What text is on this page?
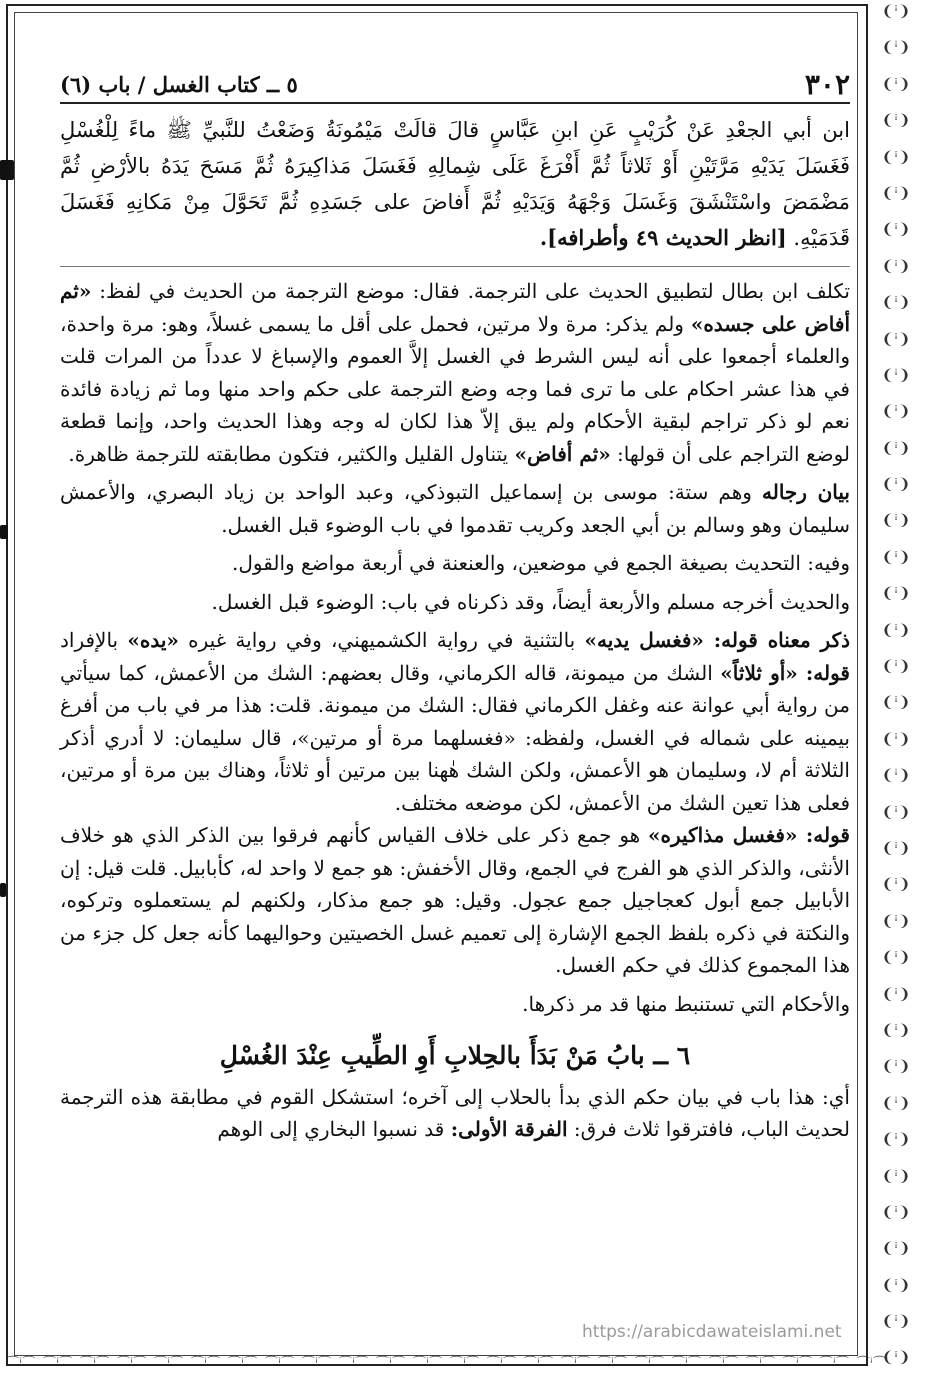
❨ꜞ❩
❨ꜞ❩
❨ꜞ❩
❨ꜞ❩
❨ꜞ❩
❨ꜞ❩
❨ꜞ❩
❨ꜞ❩
❨ꜞ❩
❨ꜞ❩
❨ꜞ❩
❨ꜞ❩
❨ꜞ❩
❨ꜞ❩
❨ꜞ❩
❨ꜞ❩
❨ꜞ❩
❨ꜞ❩
❨ꜞ❩
❨ꜞ❩
❨ꜞ❩
❨ꜞ❩
❨ꜞ❩
❨ꜞ❩
❨ꜞ❩
❨ꜞ❩
❨ꜞ❩
❨ꜞ❩
❨ꜞ❩
❨ꜞ❩
❨ꜞ❩
❨ꜞ❩
❨ꜞ❩
❨ꜞ❩
❨ꜞ❩
❨ꜞ❩
❨ꜞ❩
❨ꜞ❩
⌒ꜞ⌒ ⌒ꜞ⌒ ⌒ꜞ⌒ ⌒ꜞ⌒ ⌒ꜞ⌒ ⌒ꜞ⌒ ⌒ꜞ⌒ ⌒ꜞ⌒ ⌒ꜞ⌒ ⌒ꜞ⌒ ⌒ꜞ⌒ ⌒ꜞ⌒ ⌒ꜞ⌒ ⌒ꜞ⌒ ⌒ꜞ⌒ ⌒ꜞ⌒ ⌒ꜞ⌒ ⌒ꜞ⌒ ⌒ꜞ⌒ ⌒ꜞ⌒ ⌒ꜞ⌒ ⌒ꜞ⌒ ⌒ꜞ⌒ ⌒ꜞ⌒
٣٠٢
٥ ــ كتاب الغسل / باب (٦)

ابن أبي الجعْدِ عَنْ كُرَيْبٍ عَنِ ابنِ عَبَّاسٍ قالَ قالَتْ مَيْمُونَةُ وَضَعْتُ للنَّبيِّ ﷺ ماءً لِلْغُسْلِ فَغَسَلَ يَدَيْهِ مَرَّتَيْنِ أَوْ ثَلاثاً ثُمَّ أَفْرَغَ عَلَى شِمالِهِ فَغَسَلَ مَذاكِيرَهُ ثُمَّ مَسَحَ يَدَهُ بالأرْضِ ثُمَّ مَضْمَضَ واسْتَنْشَقَ وَغَسَلَ وَجْهَهُ وَيَدَيْهِ ثُمَّ أَفاضَ على جَسَدِهِ ثُمَّ تَحَوَّلَ مِنْ مَكانِهِ فَغَسَلَ قَدَمَيْهِ. [انظر الحديث ٤٩ وأطرافه].

تكلف ابن بطال لتطبيق الحديث على الترجمة. فقال: موضع الترجمة من الحديث في لفظ: «ثم أفاض على جسده» ولم يذكر: مرة ولا مرتين، فحمل على أقل ما يسمى غسلاً، وهو: مرة واحدة، والعلماء أجمعوا على أنه ليس الشرط في الغسل إلاَّ العموم والإسباغ لا عدداً من المرات قلت في هذا عشر احكام على ما ترى فما وجه وضع الترجمة على حكم واحد منها وما ثم زيادة فائدة نعم لو ذكر تراجم لبقية الأحكام ولم يبق إلاّ هذا لكان له وجه وهذا الحديث واحد، وإنما قطعة لوضع التراجم على أن قولها: «ثم أفاض» يتناول القليل والكثير، فتكون مطابقته للترجمة ظاهرة.

بيان رجاله وهم ستة: موسى بن إسماعيل التبوذكي، وعبد الواحد بن زياد البصري، والأعمش سليمان وهو وسالم بن أبي الجعد وكريب تقدموا في باب الوضوء قبل الغسل.

وفيه: التحديث بصيغة الجمع في موضعين، والعنعنة في أربعة مواضع والقول.

والحديث أخرجه مسلم والأربعة أيضاً، وقد ذكرناه في باب: الوضوء قبل الغسل.

ذكر معناه قوله: «فغسل يديه» بالتثنية في رواية الكشميهني، وفي رواية غيره «يده» بالإفراد قوله: «أو ثلاثاً» الشك من ميمونة، قاله الكرماني، وقال بعضهم: الشك من الأعمش، كما سيأتي من رواية أبي عوانة عنه وغفل الكرماني فقال: الشك من ميمونة. قلت: هذا مر في باب من أفرغ بيمينه على شماله في الغسل، ولفظه: «فغسلهما مرة أو مرتين»، قال سليمان: لا أدري أذكر الثلاثة أم لا، وسليمان هو الأعمش، ولكن الشك هٰهنا بين مرتين أو ثلاثاً، وهناك بين مرة أو مرتين، فعلى هذا تعين الشك من الأعمش، لكن موضعه مختلف.
قوله: «فغسل مذاكيره» هو جمع ذكر على خلاف القياس كأنهم فرقوا بين الذكر الذي هو خلاف الأنثى، والذكر الذي هو الفرج في الجمع، وقال الأخفش: هو جمع لا واحد له، كأبابيل. قلت قيل: إن الأبابيل جمع أبول كعجاجيل جمع عجول. وقيل: هو جمع مذكار، ولكنهم لم يستعملوه وتركوه، والنكتة في ذكره بلفظ الجمع الإشارة إلى تعميم غسل الخصيتين وحواليهما كأنه جعل كل جزء من هذا المجموع كذلك في حكم الغسل.

والأحكام التي تستنبط منها قد مر ذكرها.

٦ ــ بابُ مَنْ بَدَأَ بالحِلابِ أَوِ الطِّيبِ عِنْدَ الغُسْلِ

أي: هذا باب في بيان حكم الذي بدأ بالحلاب إلى آخره؛ استشكل القوم في مطابقة هذه الترجمة لحديث الباب، فافترقوا ثلاث فرق: الفرقة الأولى: قد نسبوا البخاري إلى الوهم

https://arabicdawateislami.net
